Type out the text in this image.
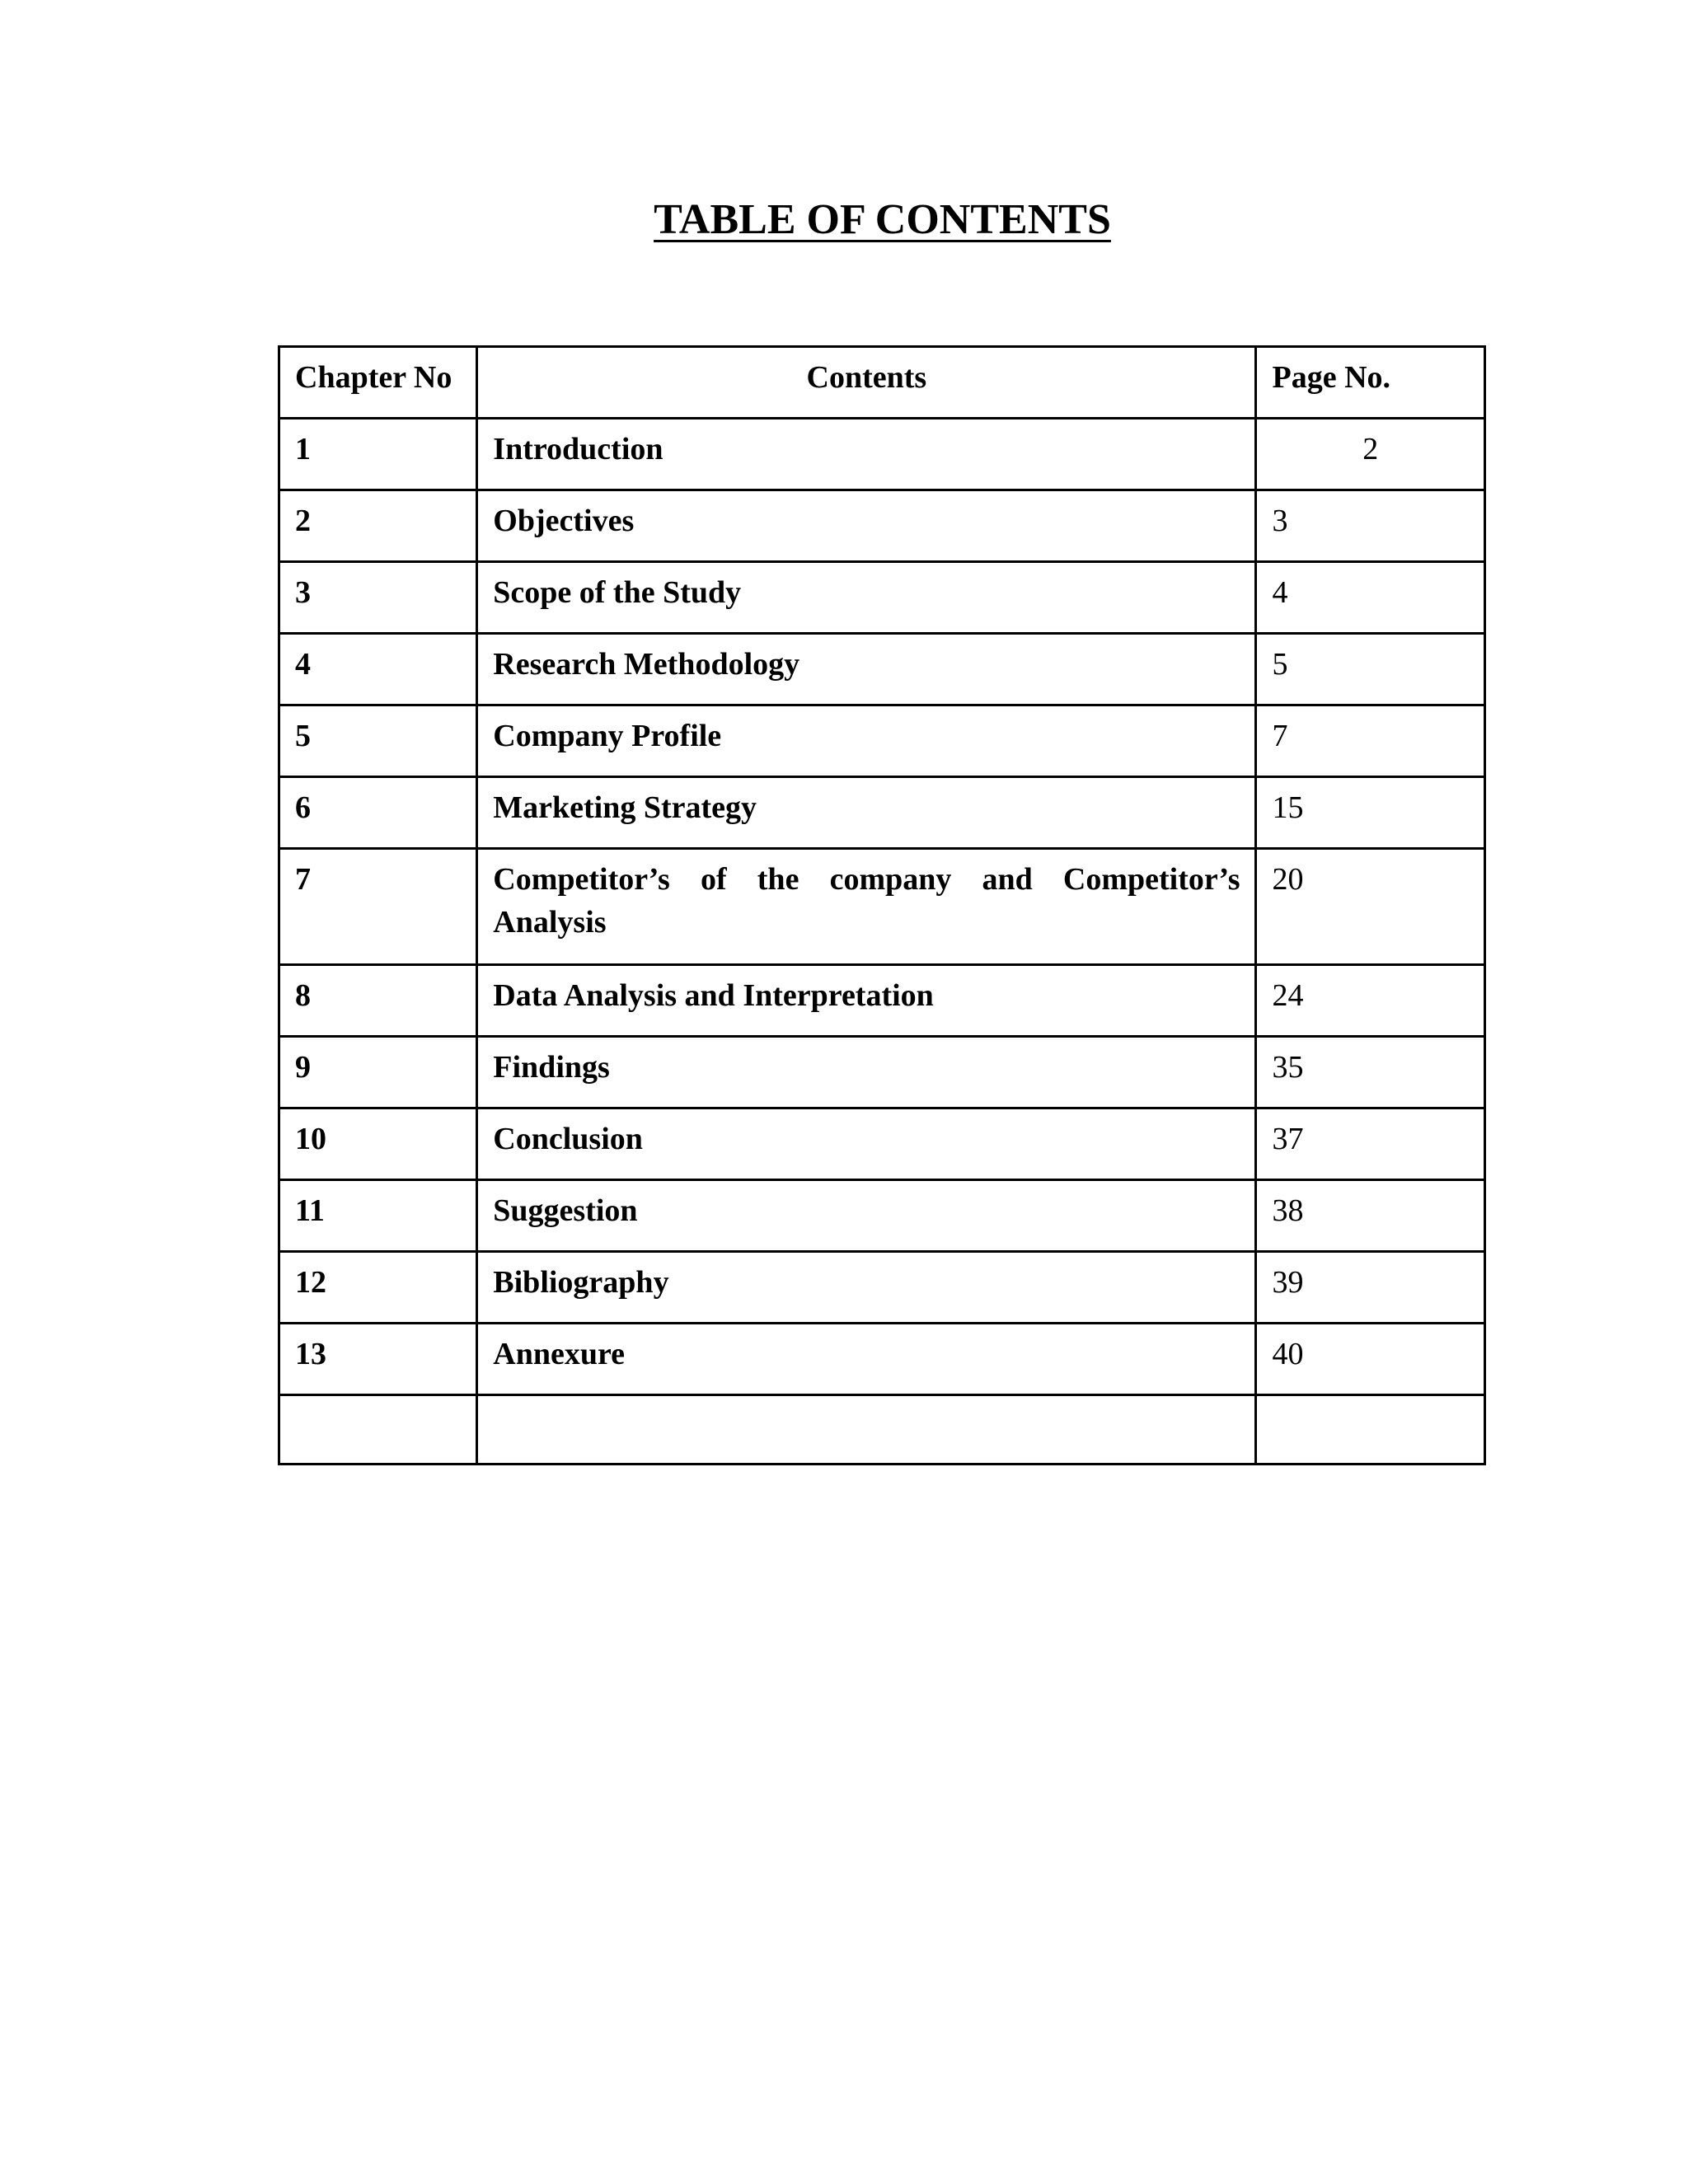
TABLE OF CONTENTS
Chapter No	Contents	Page No.
1	Introduction	2
2	Objectives	3
3	Scope of the Study	4
4	Research Methodology	5
5	Company Profile	7
6	Marketing Strategy	15
7	Competitor’s of the company and Competitor’s Analysis	20
8	Data Analysis and Interpretation	24
9	Findings	35
10	Conclusion	37
11	Suggestion	38
12	Bibliography	39
13	Annexure	40
